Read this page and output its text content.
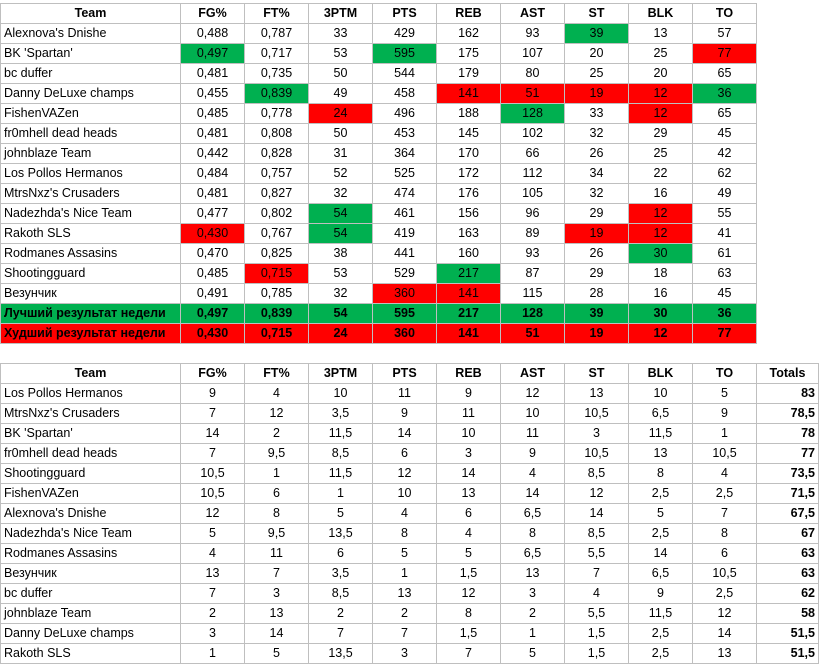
Team	FG%	FT%	3PTM	PTS	REB	AST	ST	BLK	TO
Alexnova's Dnishe	0,488	0,787	33	429	162	93	39	13	57
BK 'Spartan'	0,497	0,717	53	595	175	107	20	25	77
bc duffer	0,481	0,735	50	544	179	80	25	20	65
Danny DeLuxe champs	0,455	0,839	49	458	141	51	19	12	36
FishenVAZen	0,485	0,778	24	496	188	128	33	12	65
fr0mhell dead heads	0,481	0,808	50	453	145	102	32	29	45
johnblaze Team	0,442	0,828	31	364	170	66	26	25	42
Los Pollos Hermanos	0,484	0,757	52	525	172	112	34	22	62
MtrsNxz's Crusaders	0,481	0,827	32	474	176	105	32	16	49
Nadezhda's Nice Team	0,477	0,802	54	461	156	96	29	12	55
Rakoth SLS	0,430	0,767	54	419	163	89	19	12	41
Rodmanes Assasins	0,470	0,825	38	441	160	93	26	30	61
Shootingguard	0,485	0,715	53	529	217	87	29	18	63
Везунчик	0,491	0,785	32	360	141	115	28	16	45
Лучший результат недели	0,497	0,839	54	595	217	128	39	30	36
Худший результат недели	0,430	0,715	24	360	141	51	19	12	77
Team	FG%	FT%	3PTM	PTS	REB	AST	ST	BLK	TO	Totals
Los Pollos Hermanos	9	4	10	11	9	12	13	10	5	83
MtrsNxz's Crusaders	7	12	3,5	9	11	10	10,5	6,5	9	78,5
BK 'Spartan'	14	2	11,5	14	10	11	3	11,5	1	78
fr0mhell dead heads	7	9,5	8,5	6	3	9	10,5	13	10,5	77
Shootingguard	10,5	1	11,5	12	14	4	8,5	8	4	73,5
FishenVAZen	10,5	6	1	10	13	14	12	2,5	2,5	71,5
Alexnova's Dnishe	12	8	5	4	6	6,5	14	5	7	67,5
Nadezhda's Nice Team	5	9,5	13,5	8	4	8	8,5	2,5	8	67
Rodmanes Assasins	4	11	6	5	5	6,5	5,5	14	6	63
Везунчик	13	7	3,5	1	1,5	13	7	6,5	10,5	63
bc duffer	7	3	8,5	13	12	3	4	9	2,5	62
johnblaze Team	2	13	2	2	8	2	5,5	11,5	12	58
Danny DeLuxe champs	3	14	7	7	1,5	1	1,5	2,5	14	51,5
Rakoth SLS	1	5	13,5	3	7	5	1,5	2,5	13	51,5
